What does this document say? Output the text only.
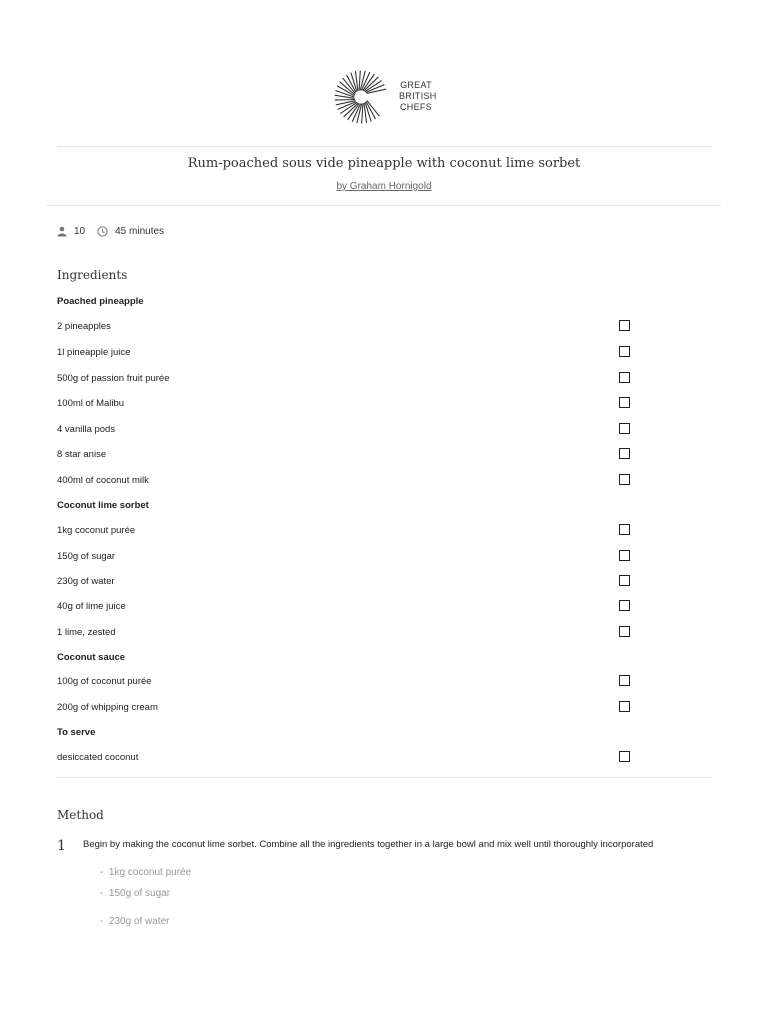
GREAT
BRITISH
CHEFS
Rum-poached sous vide pineapple with coconut lime sorbet
by Graham Hornigold
10	45 minutes
Ingredients
Poached pineapple
2 pineapples
1l pineapple juice
500g of passion fruit purée
100ml of Malibu
4 vanilla pods
8 star anise
400ml of coconut milk
Coconut lime sorbet
1kg coconut purée
150g of sugar
230g of water
40g of lime juice
1 lime, zested
Coconut sauce
100g of coconut purée
200g of whipping cream
To serve
desiccated coconut
Method
1 Begin by making the coconut lime sorbet. Combine all the ingredients together in a large bowl and mix well until thoroughly incorporated
-  1kg coconut purée
-  150g of sugar
-  230g of water
